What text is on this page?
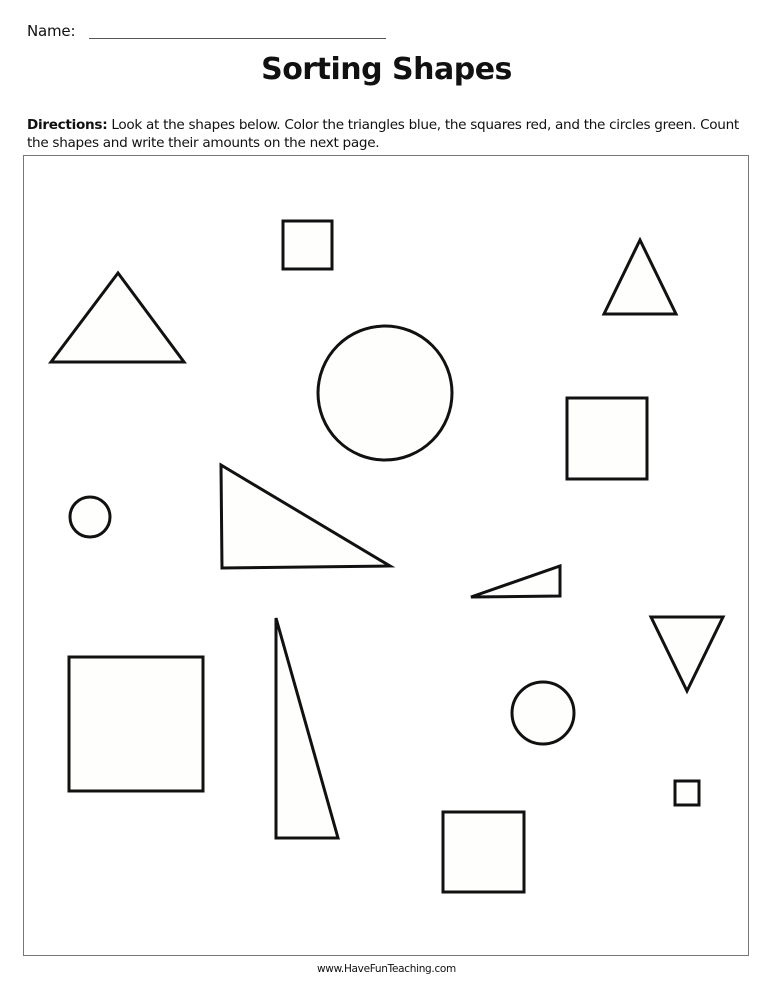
Name:
Sorting Shapes
Directions: Look at the shapes below. Color the triangles blue, the squares red, and the circles green. Count the shapes and write their amounts on the next page.
www.HaveFunTeaching.com
